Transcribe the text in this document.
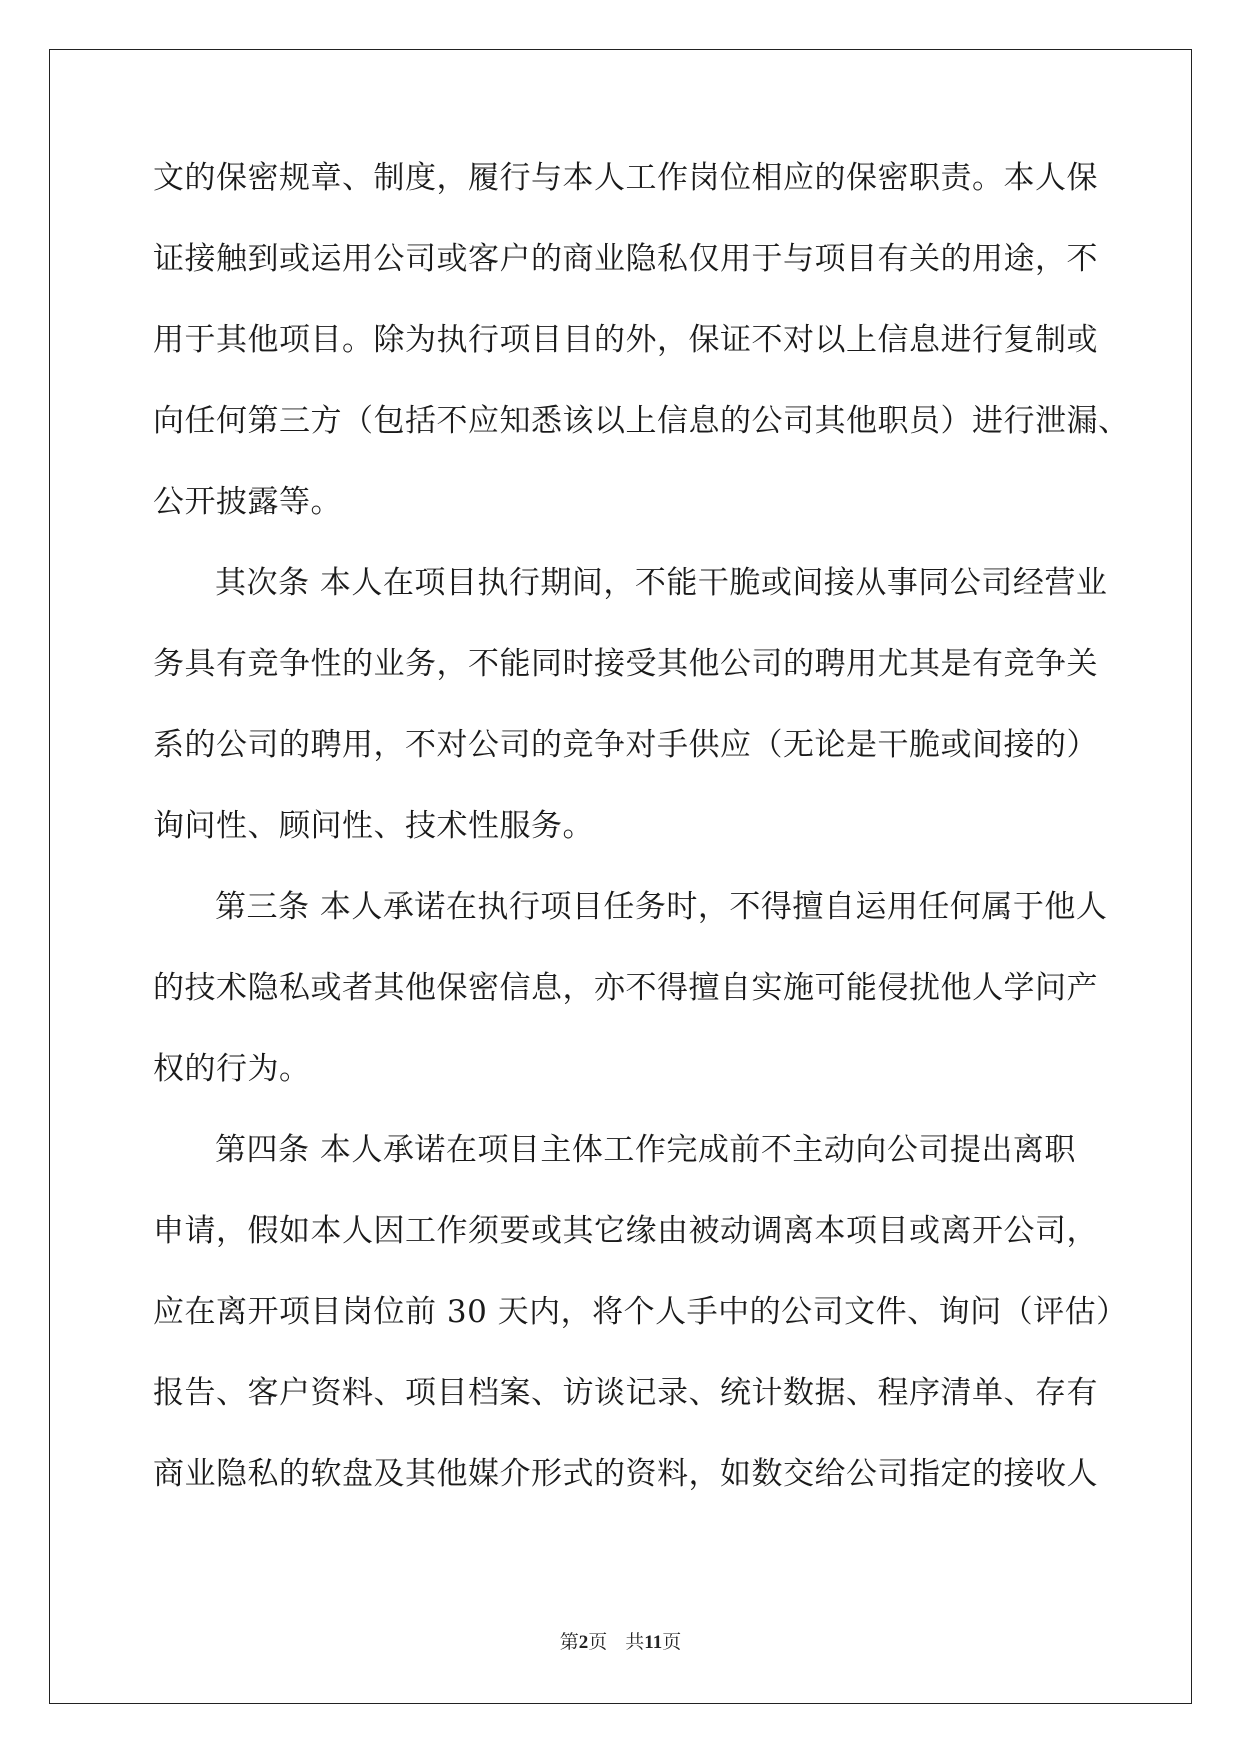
文的保密规章、制度，履行与本人工作岗位相应的保密职责。本人保
证接触到或运用公司或客户的商业隐私仅用于与项目有关的用途，不
用于其他项目。除为执行项目目的外，保证不对以上信息进行复制或
向任何第三方（包括不应知悉该以上信息的公司其他职员）进行泄漏、
公开披露等。
其次条 本人在项目执行期间，不能干脆或间接从事同公司经营业
务具有竞争性的业务，不能同时接受其他公司的聘用尤其是有竞争关
系的公司的聘用，不对公司的竞争对手供应（无论是干脆或间接的）
询问性、顾问性、技术性服务。
第三条 本人承诺在执行项目任务时，不得擅自运用任何属于他人
的技术隐私或者其他保密信息，亦不得擅自实施可能侵扰他人学问产
权的行为。
第四条 本人承诺在项目主体工作完成前不主动向公司提出离职
申请，假如本人因工作须要或其它缘由被动调离本项目或离开公司，
应在离开项目岗位前 30 天内，将个人手中的公司文件、询问（评估）
报告、客户资料、项目档案、访谈记录、统计数据、程序清单、存有
商业隐私的软盘及其他媒介形式的资料，如数交给公司指定的接收人
第2页 共11页
